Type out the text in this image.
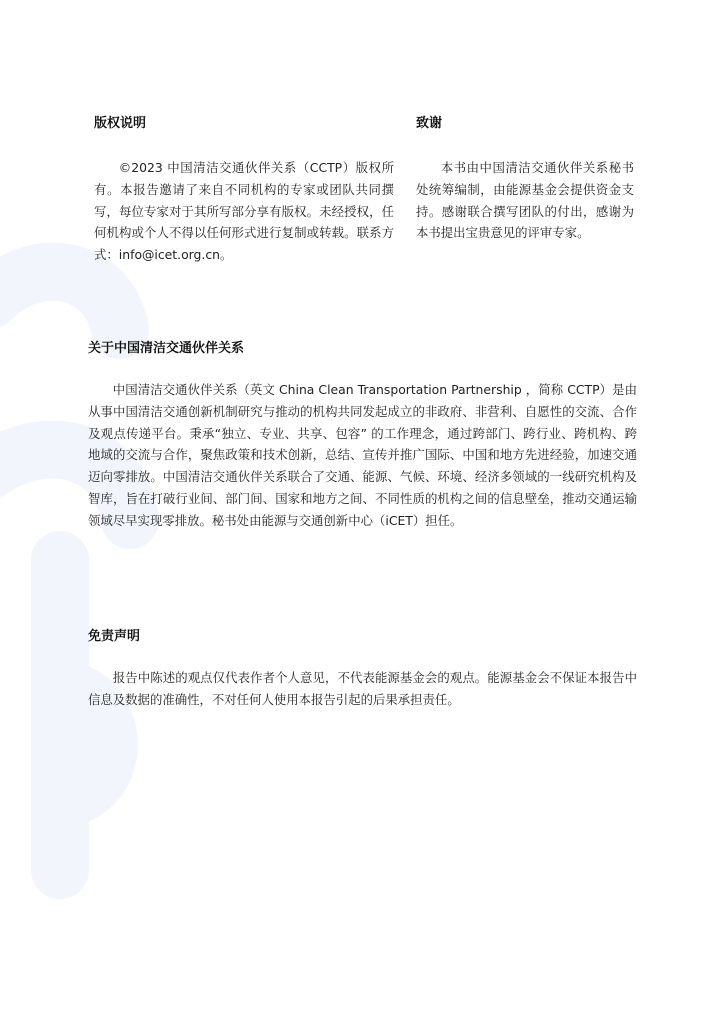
版权说明

©2023 中国清洁交通伙伴关系（CCTP）版权所有。本报告邀请了来自不同机构的专家或团队共同撰写，每位专家对于其所写部分享有版权。未经授权，任何机构或个人不得以任何形式进行复制或转载。联系方式：info@icet.org.cn。

致谢

本书由中国清洁交通伙伴关系秘书处统筹编制，由能源基金会提供资金支持。感谢联合撰写团队的付出，感谢为本书提出宝贵意见的评审专家。

关于中国清洁交通伙伴关系

中国清洁交通伙伴关系（英文 China Clean Transportation Partnership ，简称 CCTP）是由从事中国清洁交通创新机制研究与推动的机构共同发起成立的非政府、非营利、自愿性的交流、合作及观点传递平台。秉承“独立、专业、共享、包容” 的工作理念，通过跨部门、跨行业、跨机构、跨地域的交流与合作，聚焦政策和技术创新，总结、宣传并推广国际、中国和地方先进经验，加速交通迈向零排放。中国清洁交通伙伴关系联合了交通、能源、气候、环境、经济多领域的一线研究机构及智库，旨在打破行业间、部门间、国家和地方之间、不同性质的机构之间的信息壁垒，推动交通运输领域尽早实现零排放。秘书处由能源与交通创新中心（iCET）担任。

免责声明

报告中陈述的观点仅代表作者个人意见，不代表能源基金会的观点。能源基金会不保证本报告中信息及数据的准确性，不对任何人使用本报告引起的后果承担责任。
